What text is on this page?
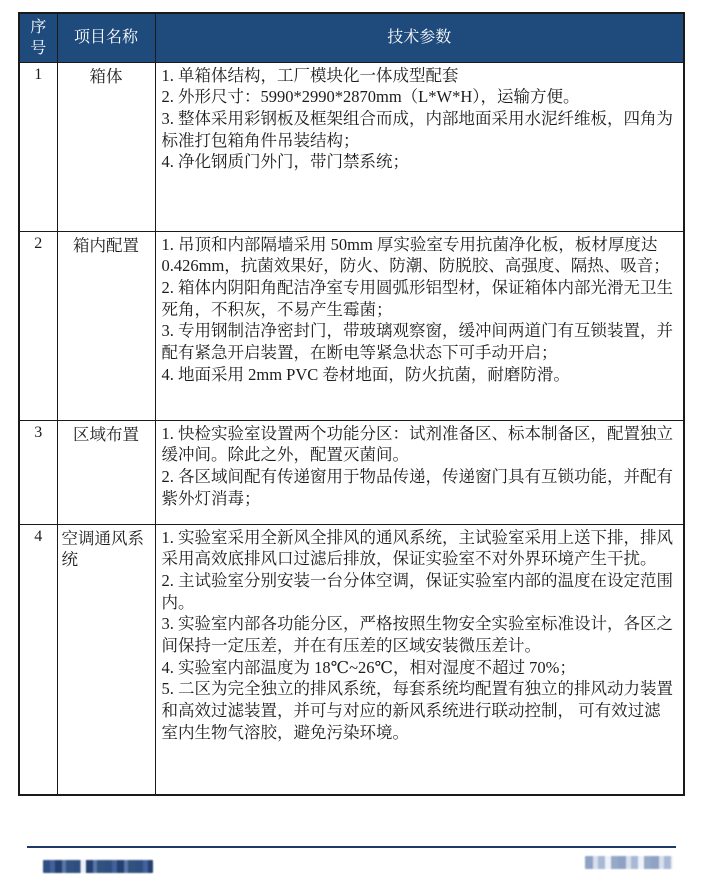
序号	项目名称	技术参数
1	箱体	1. 单箱体结构，工厂模块化一体成型配套
2. 外形尺寸：5990*2990*2870mm（L*W*H），运输方便。
3. 整体采用彩钢板及框架组合而成，内部地面采用水泥纤维板，四角为标准打包箱角件吊装结构；
4. 净化钢质门外门，带门禁系统；

2	箱内配置	1. 吊顶和内部隔墙采用 50mm 厚实验室专用抗菌净化板，板材厚度达 0.426mm，抗菌效果好，防火、防潮、防脱胶、高强度、隔热、吸音；
2. 箱体内阴阳角配洁净室专用圆弧形铝型材，保证箱体内部光滑无卫生死角，不积灰，不易产生霉菌；
3. 专用钢制洁净密封门，带玻璃观察窗，缓冲间两道门有互锁装置，并配有紧急开启装置，在断电等紧急状态下可手动开启；
4. 地面采用 2mm PVC 卷材地面，防火抗菌，耐磨防滑。

3	区域布置	1. 快检实验室设置两个功能分区：试剂准备区、标本制备区，配置独立缓冲间。除此之外，配置灭菌间。
2. 各区域间配有传递窗用于物品传递，传递窗门具有互锁功能，并配有紫外灯消毒；

4	空调通风系统	1. 实验室采用全新风全排风的通风系统，主试验室采用上送下排，排风采用高效底排风口过滤后排放，保证实验室不对外界环境产生干扰。
2. 主试验室分别安装一台分体空调，保证实验室内部的温度在设定范围内。
3. 实验室内部各功能分区，严格按照生物安全实验室标准设计，各区之间保持一定压差，并在有压差的区域安装微压差计。
4. 实验室内部温度为 18℃~26℃，相对湿度不超过 70%；
5. 二区为完全独立的排风系统，每套系统均配置有独立的排风动力装置和高效过滤装置，并可与对应的新风系统进行联动控制， 可有效过滤室内生物气溶胶，避免污染环境。
